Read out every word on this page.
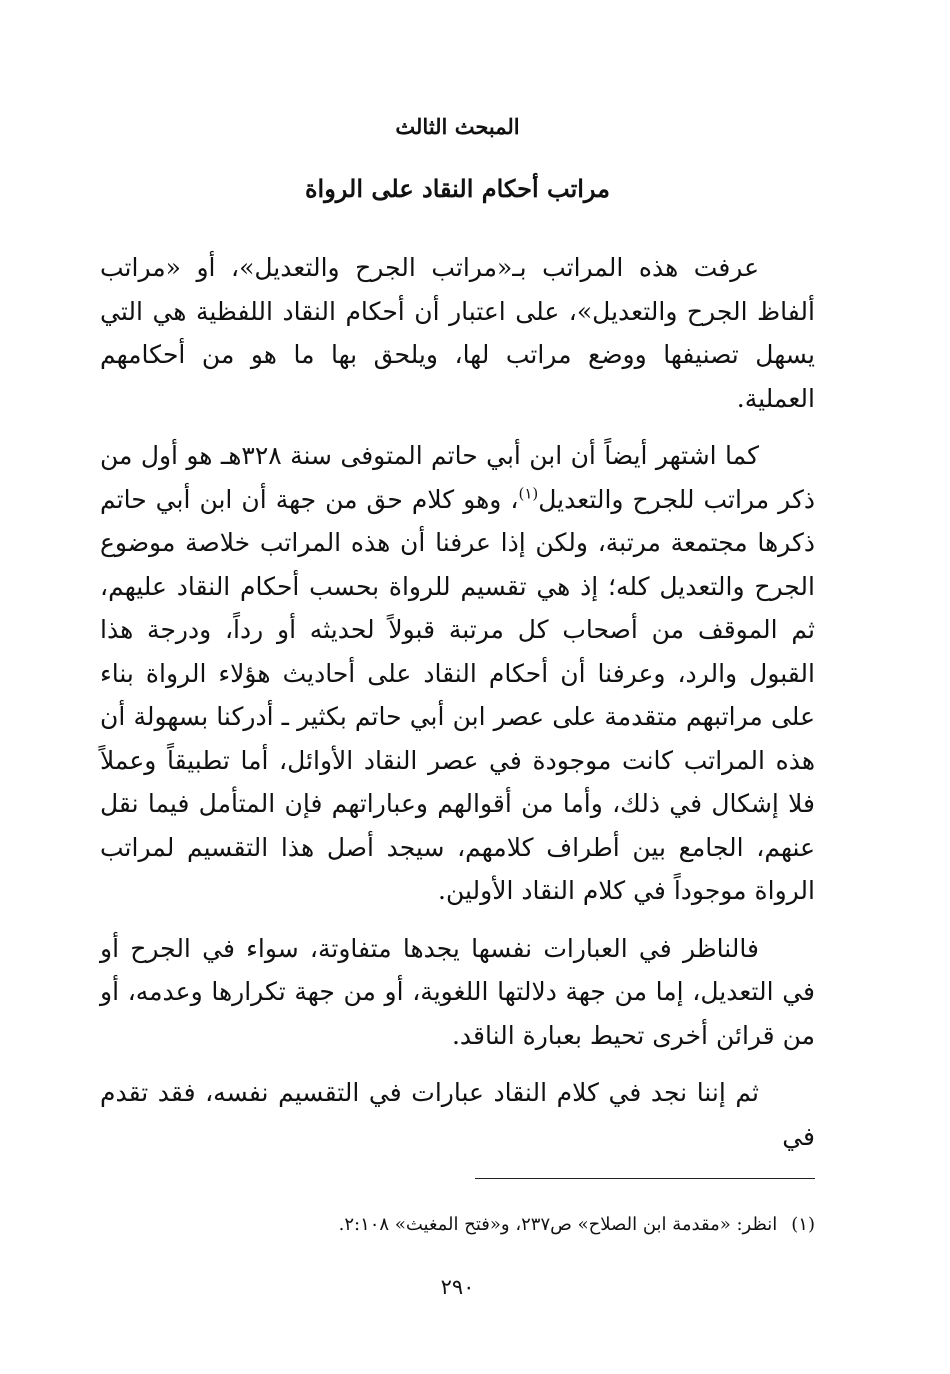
المبحث الثالث
مراتب أحكام النقاد على الرواة

عرفت هذه المراتب بـ«مراتب الجرح والتعديل»، أو «مراتب ألفاظ الجرح والتعديل»، على اعتبار أن أحكام النقاد اللفظية هي التي يسهل تصنيفها ووضع مراتب لها، ويلحق بها ما هو من أحكامهم العملية.

كما اشتهر أيضاً أن ابن أبي حاتم المتوفى سنة ٣٢٨هـ هو أول من ذكر مراتب للجرح والتعديل$^{(١)}$، وهو كلام حق من جهة أن ابن أبي حاتم ذكرها مجتمعة مرتبة، ولكن إذا عرفنا أن هذه المراتب خلاصة موضوع الجرح والتعديل كله؛ إذ هي تقسيم للرواة بحسب أحكام النقاد عليهم، ثم الموقف من أصحاب كل مرتبة قبولاً لحديثه أو رداً، ودرجة هذا القبول والرد، وعرفنا أن أحكام النقاد على أحاديث هؤلاء الرواة بناء على مراتبهم متقدمة على عصر ابن أبي حاتم بكثير ـ أدركنا بسهولة أن هذه المراتب كانت موجودة في عصر النقاد الأوائل، أما تطبيقاً وعملاً فلا إشكال في ذلك، وأما من أقوالهم وعباراتهم فإن المتأمل فيما نقل عنهم، الجامع بين أطراف كلامهم، سيجد أصل هذا التقسيم لمراتب الرواة موجوداً في كلام النقاد الأولين.

فالناظر في العبارات نفسها يجدها متفاوتة، سواء في الجرح أو في التعديل، إما من جهة دلالتها اللغوية، أو من جهة تكرارها وعدمه، أو من قرائن أخرى تحيط بعبارة الناقد.

ثم إننا نجد في كلام النقاد عبارات في التقسيم نفسه، فقد تقدم في

(١)انظر: «مقدمة ابن الصلاح» ص٢٣٧، و«فتح المغيث» ٢:١٠٨.

٢٩٠
